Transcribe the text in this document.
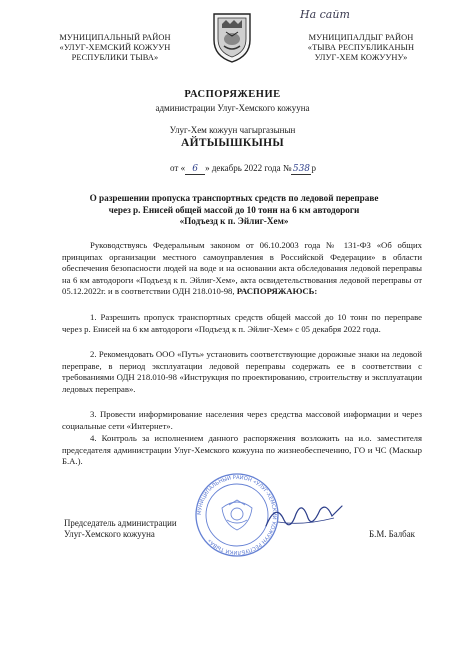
На сайт
МУНИЦИПАЛЬНЫЙ РАЙОН
«УЛУГ-ХЕМСКИЙ КОЖУУН
РЕСПУБЛИКИ ТЫВА»
МУНИЦИПАЛДЫГ РАЙОН
«ТЫВА РЕСПУБЛИКАНЫН
УЛУГ-ХЕМ КОЖУУНУ»
РАСПОРЯЖЕНИЕ
администрации Улуг-Хемского кожууна
Улуг-Хем кожуун чагыргазынын
АЙТЫЫШКЫНЫ
от « 6 » декабрь 2022 года №538р
О разрешении пропуска транспортных средств по ледовой переправе
через р. Енисей общей массой до 10 тонн на 6 км автодороги
«Подъезд к п. Эйлиг-Хем»

Руководствуясь Федеральным законом от 06.10.2003 года № 131-ФЗ «Об общих принципах организации местного самоуправления в Российской Федерации» в области обеспечения безопасности людей на воде и на основании акта обследования ледовой переправы на 6 км автодороги «Подъезд к п. Эйлиг-Хем», акта освидетельствования ледовой переправы от 05.12.2022г. и в соответствии ОДН 218.010-98, РАСПОРЯЖАЮСЬ:

1. Разрешить пропуск транспортных средств общей массой до 10 тонн по переправе через р. Енисей на 6 км автодороги «Подъезд к п. Эйлиг-Хем» с 05 декабря 2022 года.

2. Рекомендовать ООО «Путь» установить соответствующие дорожные знаки на ледовой переправе, в период эксплуатации ледовой переправы содержать ее в соответствии с требованиями ОДН 218.010-98 «Инструкция по проектированию, строительству и эксплуатации ледовых переправ».

3. Провести информирование населения через средства массовой информации и через социальные сети «Интернет».

4. Контроль за исполнением данного распоряжения возложить на и.о. заместителя председателя администрации Улуг-Хемского кожууна по жизнеобеспечению, ГО и ЧС (Маскыр Б.А.).

МУНИЦИПАЛЬНЫЙ РАЙОН «УЛУГ-ХЕМСКИЙ КОЖУУН РЕСПУБЛИКИ ТЫВА»
Председатель администрации
Улуг-Хемского кожууна	Б.М. Балбак
